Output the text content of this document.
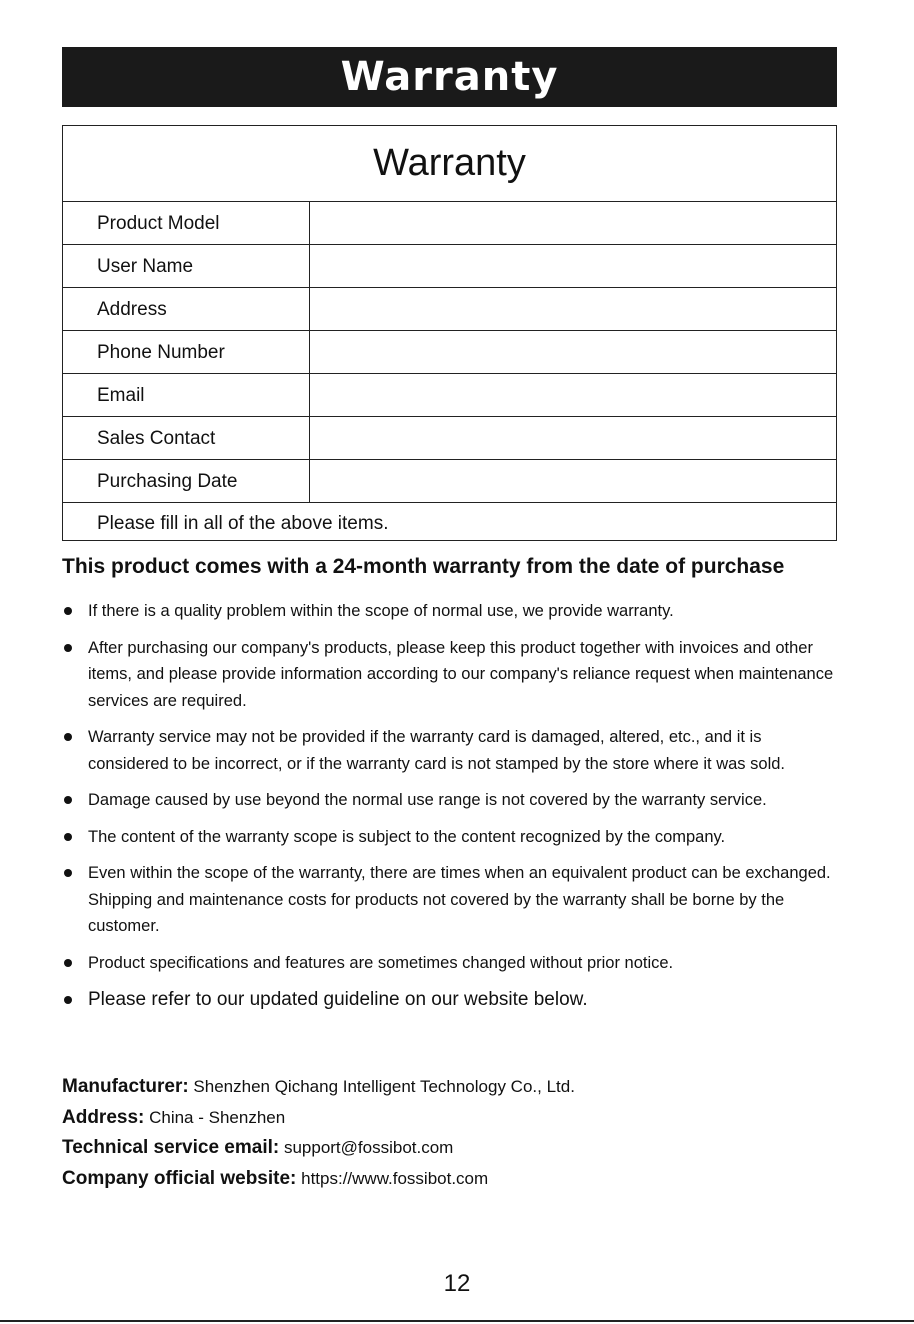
Warranty
Warranty
Product Model
User Name
Address
Phone Number
Email
Sales Contact
Purchasing Date
Please fill in all of the above items.
This product comes with a 24-month warranty from the date of purchase
If there is a quality problem within the scope of normal use, we provide warranty.
After purchasing our company's products, please keep this product together with invoices and other items, and please provide information according to our company's reliance request when maintenance services are required.
Warranty service may not be provided if the warranty card is damaged, altered, etc., and it is considered to be incorrect, or if the warranty card is not stamped by the store where it was sold.
Damage caused by use beyond the normal use range is not covered by the warranty service.
The content of the warranty scope is subject to the content recognized by the company.
Even within the scope of the warranty, there are times when an equivalent product can be exchanged. Shipping and maintenance costs for products not covered by the warranty shall be borne by the customer.
Product specifications and features are sometimes changed without prior notice.
Please refer to our updated guideline on our website below.
Manufacturer: Shenzhen Qichang Intelligent Technology Co., Ltd.
Address: China - Shenzhen
Technical service email: support@fossibot.com
Company official website: https://www.fossibot.com
12
